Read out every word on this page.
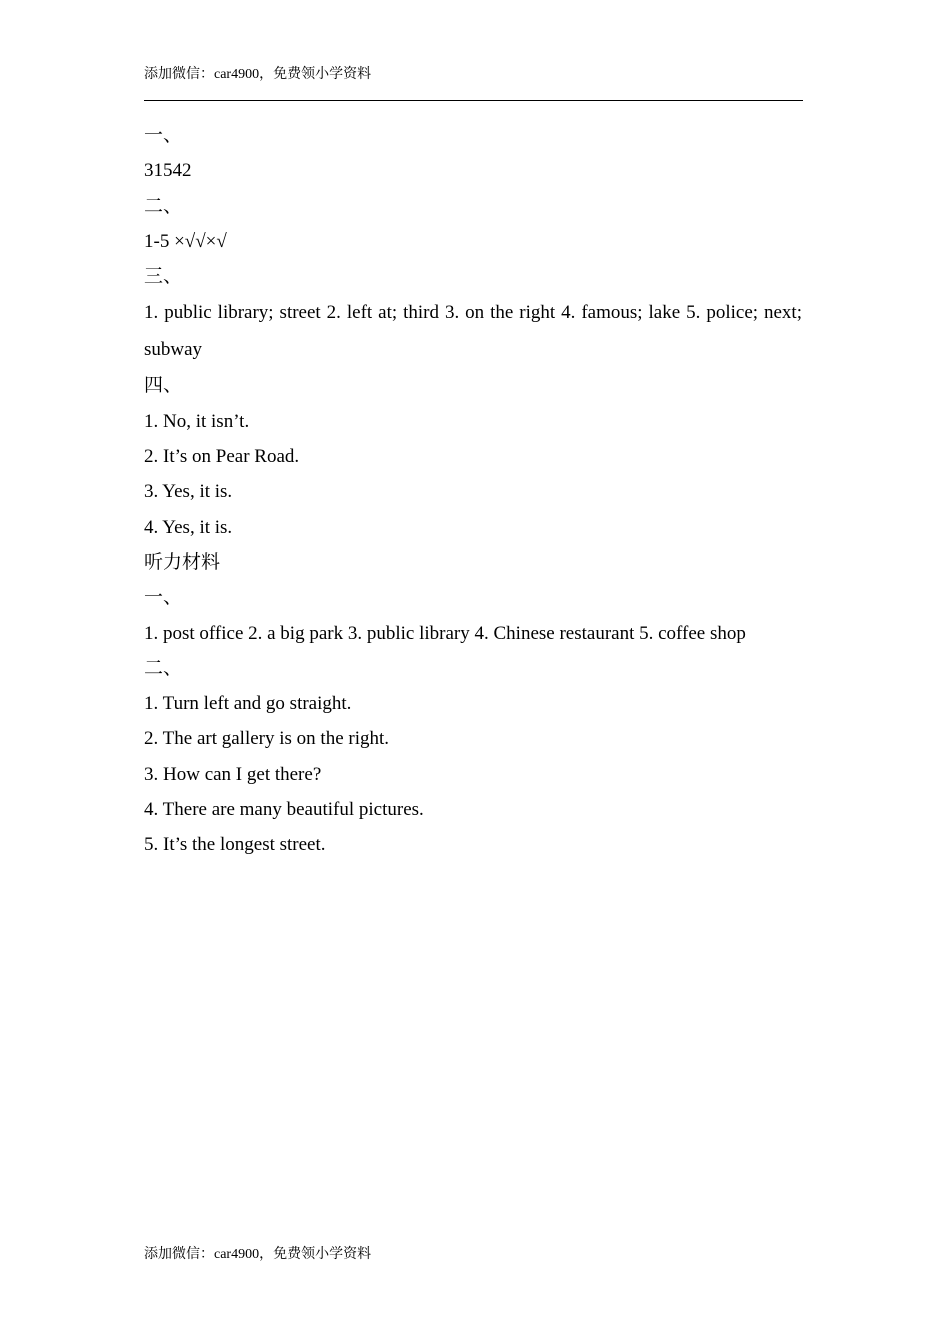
添加微信：car4900，免费领小学资料
一、
31542
二、
1-5 ×√√×√
三、
1. public library; street 2. left at; third 3. on the right 4. famous; lake 5. police; next; subway
四、
1. No, it isn’t.
2. It’s on Pear Road.
3. Yes, it is.
4. Yes, it is.
听力材料
一、
1. post office 2. a big park 3. public library 4. Chinese restaurant 5. coffee shop
二、
1. Turn left and go straight.
2. The art gallery is on the right.
3. How can I get there?
4. There are many beautiful pictures.
5. It’s the longest street.
添加微信：car4900，免费领小学资料
